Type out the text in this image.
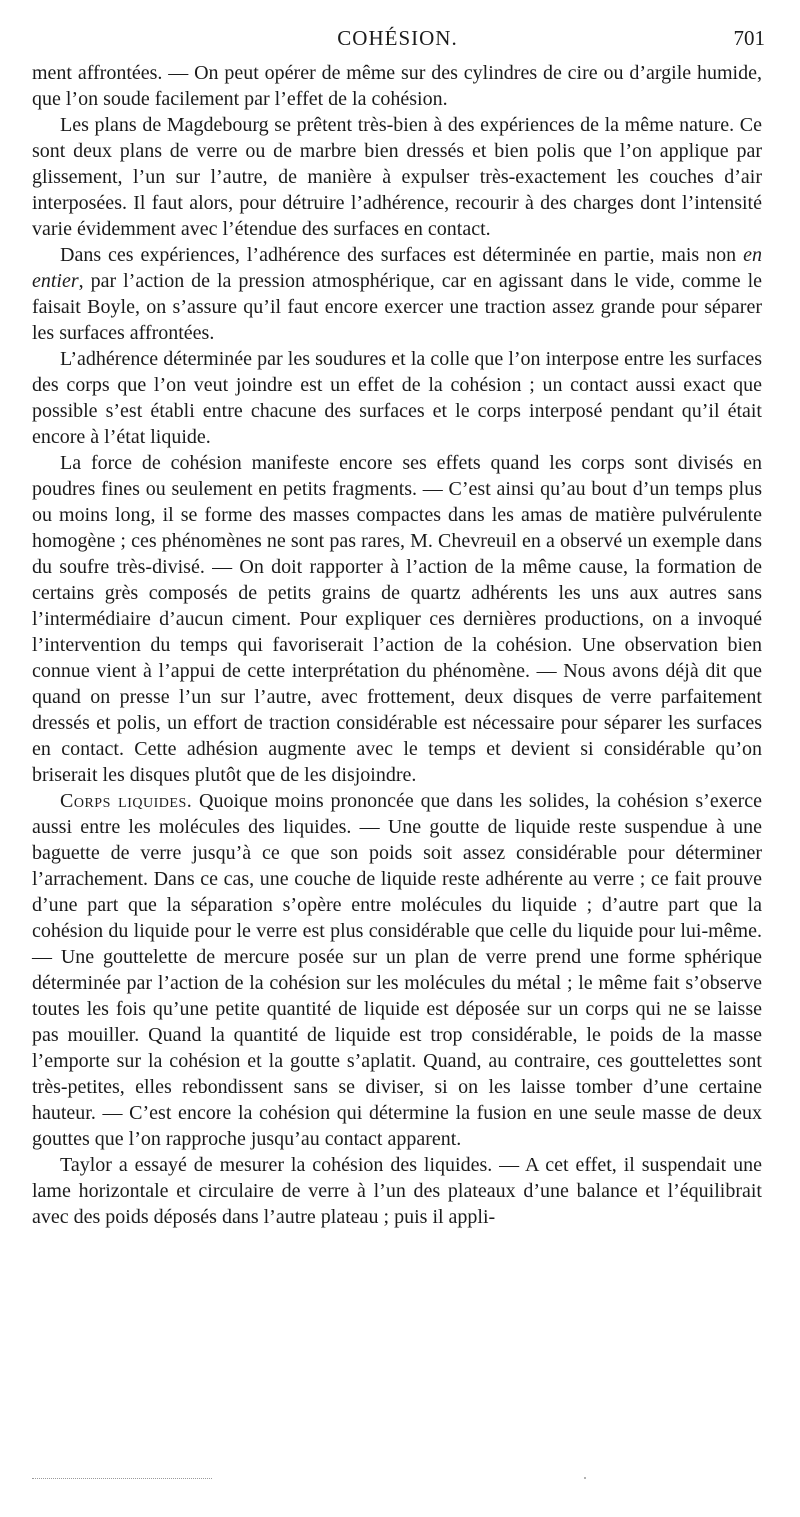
COHÉSION.	701

ment affrontées. — On peut opérer de même sur des cylindres de cire ou d’argile humide, que l’on soude facilement par l’effet de la cohésion.

Les plans de Magdebourg se prêtent très-bien à des expériences de la même nature. Ce sont deux plans de verre ou de marbre bien dressés et bien polis que l’on applique par glissement, l’un sur l’autre, de manière à expulser très-exactement les couches d’air interposées. Il faut alors, pour détruire l’adhérence, recourir à des charges dont l’intensité varie évidemment avec l’étendue des surfaces en contact.

Dans ces expériences, l’adhérence des surfaces est déterminée en partie, mais non en entier, par l’action de la pression atmosphérique, car en agissant dans le vide, comme le faisait Boyle, on s’assure qu’il faut encore exercer une traction assez grande pour séparer les surfaces affrontées.

L’adhérence déterminée par les soudures et la colle que l’on interpose entre les surfaces des corps que l’on veut joindre est un effet de la cohésion ; un contact aussi exact que possible s’est établi entre chacune des surfaces et le corps interposé pendant qu’il était encore à l’état liquide.

La force de cohésion manifeste encore ses effets quand les corps sont divisés en poudres fines ou seulement en petits fragments. — C’est ainsi qu’au bout d’un temps plus ou moins long, il se forme des masses compactes dans les amas de matière pulvérulente homogène ; ces phénomènes ne sont pas rares, M. Chevreuil en a observé un exemple dans du soufre très-divisé. — On doit rapporter à l’action de la même cause, la formation de certains grès composés de petits grains de quartz adhérents les uns aux autres sans l’intermédiaire d’aucun ciment. Pour expliquer ces dernières productions, on a invoqué l’intervention du temps qui favoriserait l’action de la cohésion. Une observation bien connue vient à l’appui de cette interprétation du phénomène. — Nous avons déjà dit que quand on presse l’un sur l’autre, avec frottement, deux disques de verre parfaitement dressés et polis, un effort de traction considérable est nécessaire pour séparer les surfaces en contact. Cette adhésion augmente avec le temps et devient si considérable qu’on briserait les disques plutôt que de les disjoindre.

Corps liquides. Quoique moins prononcée que dans les solides, la cohésion s’exerce aussi entre les molécules des liquides. — Une goutte de liquide reste suspendue à une baguette de verre jusqu’à ce que son poids soit assez considérable pour déterminer l’arrachement. Dans ce cas, une couche de liquide reste adhérente au verre ; ce fait prouve d’une part que la séparation s’opère entre molécules du liquide ; d’autre part que la cohésion du liquide pour le verre est plus considérable que celle du liquide pour lui-même. — Une gouttelette de mercure posée sur un plan de verre prend une forme sphérique déterminée par l’action de la cohésion sur les molécules du métal ; le même fait s’observe toutes les fois qu’une petite quantité de liquide est déposée sur un corps qui ne se laisse pas mouiller. Quand la quantité de liquide est trop considérable, le poids de la masse l’emporte sur la cohésion et la goutte s’aplatit. Quand, au contraire, ces gouttelettes sont très-petites, elles rebondissent sans se diviser, si on les laisse tomber d’une certaine hauteur. — C’est encore la cohésion qui détermine la fusion en une seule masse de deux gouttes que l’on rapproche jusqu’au contact apparent.

Taylor a essayé de mesurer la cohésion des liquides. — A cet effet, il suspendait une lame horizontale et circulaire de verre à l’un des plateaux d’une balance et l’équilibrait avec des poids déposés dans l’autre plateau ; puis il appli-
